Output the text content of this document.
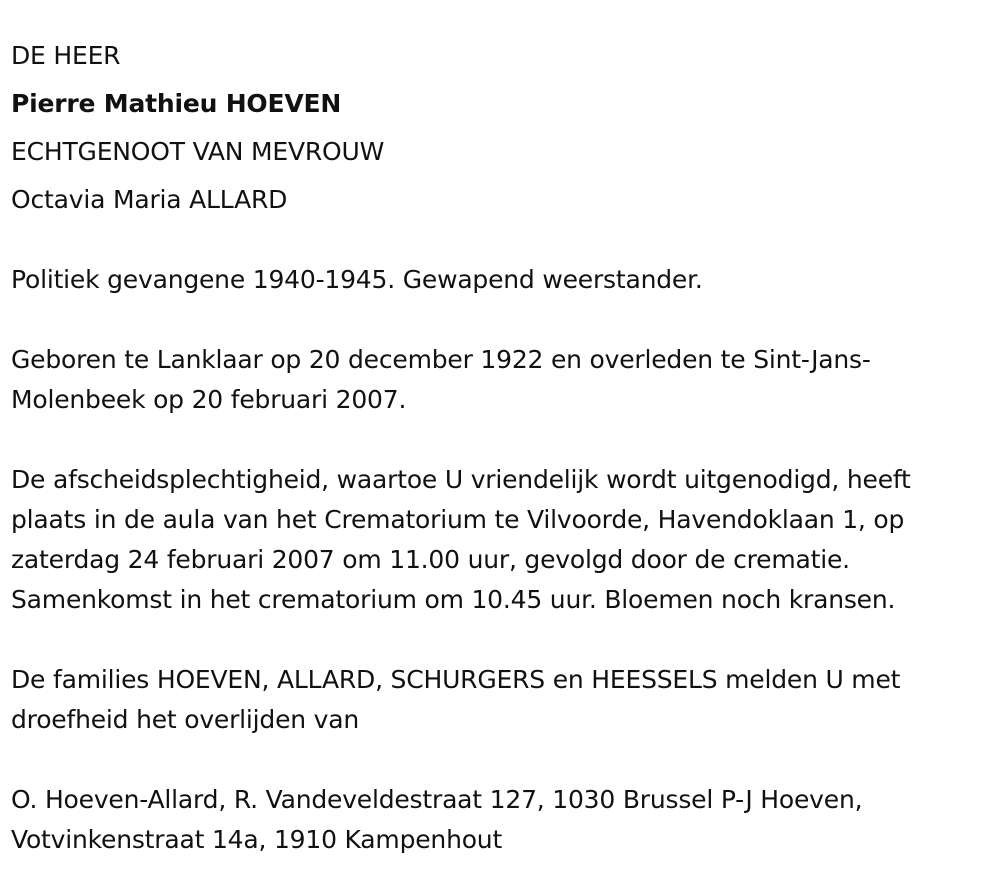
DE HEER
Pierre Mathieu HOEVEN
ECHTGENOOT VAN MEVROUW
Octavia Maria ALLARD
Politiek gevangene 1940-1945. Gewapend weerstander.
Geboren te Lanklaar op 20 december 1922 en overleden te Sint-Jans-
Molenbeek op 20 februari 2007.
De afscheidsplechtigheid, waartoe U vriendelijk wordt uitgenodigd, heeft
plaats in de aula van het Crematorium te Vilvoorde, Havendoklaan 1, op
zaterdag 24 februari 2007 om 11.00 uur, gevolgd door de crematie.
Samenkomst in het crematorium om 10.45 uur. Bloemen noch kransen.
De families HOEVEN, ALLARD, SCHURGERS en HEESSELS melden U met
droefheid het overlijden van
O. Hoeven-Allard, R. Vandeveldestraat 127, 1030 Brussel P-J Hoeven,
Votvinkenstraat 14a, 1910 Kampenhout
